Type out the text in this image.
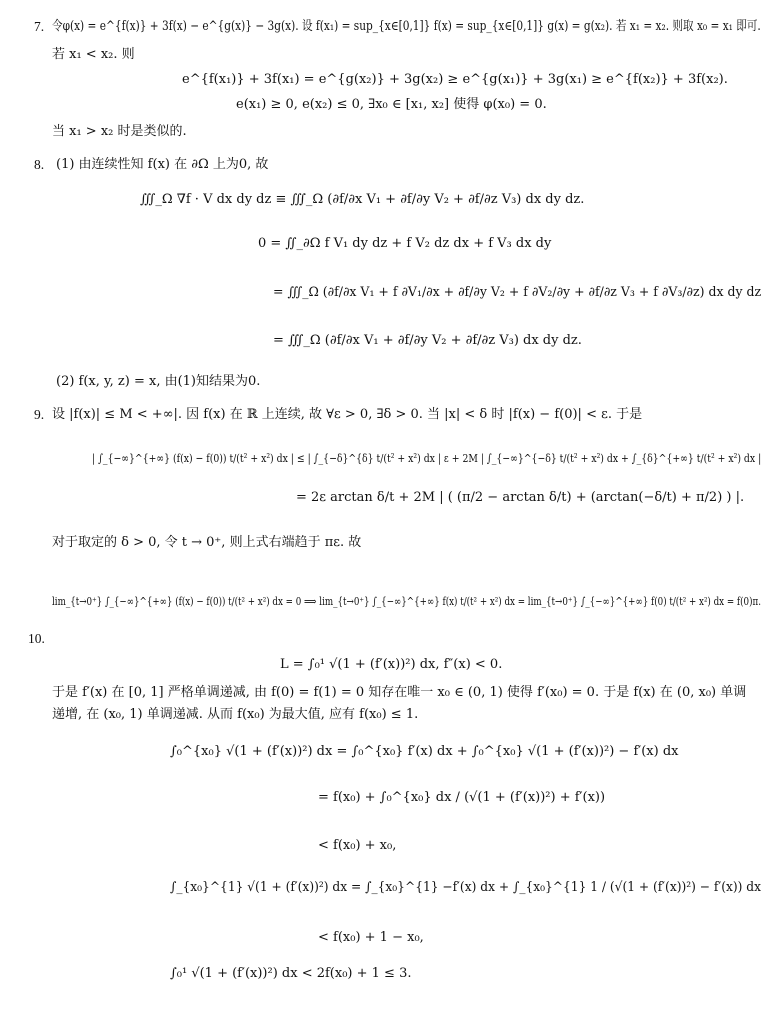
7. 令φ(x) = e^{f(x)} + 3f(x) − e^{g(x)} − 3g(x). 设 f(x₁) = sup_{x∈[0,1]} f(x) = sup_{x∈[0,1]} g(x) = g(x₂). 若 x₁ = x₂. 则取 x₀ = x₁ 即可.
若 x₁ < x₂. 则
e^{f(x₁)} + 3f(x₁) = e^{g(x₂)} + 3g(x₂) ≥ e^{g(x₁)} + 3g(x₁) ≥ e^{f(x₂)} + 3f(x₂).
e(x₁) ≥ 0, e(x₂) ≤ 0, ∃x₀ ∈ [x₁, x₂] 使得 φ(x₀) = 0.
当 x₁ > x₂ 时是类似的.
8. (1) 由连续性知 f(x) 在 ∂Ω 上为0, 故
∭_Ω ∇f · V dx dy dz ≡ ∭_Ω (∂f/∂x V₁ + ∂f/∂y V₂ + ∂f/∂z V₃) dx dy dz.
0 = ∬_∂Ω f V₁ dy dz + f V₂ dz dx + f V₃ dx dy
= ∭_Ω (∂f/∂x V₁ + f ∂V₁/∂x + ∂f/∂y V₂ + f ∂V₂/∂y + ∂f/∂z V₃ + f ∂V₃/∂z) dx dy dz
= ∭_Ω (∂f/∂x V₁ + ∂f/∂y V₂ + ∂f/∂z V₃) dx dy dz.
(2) f(x, y, z) = x, 由(1)知结果为0.
9. 设 |f(x)| ≤ M < +∞|. 因 f(x) 在 ℝ 上连续, 故 ∀ε > 0, ∃δ > 0. 当 |x| < δ 时 |f(x) − f(0)| < ε. 于是
| ∫_{−∞}^{+∞} (f(x) − f(0)) t/(t² + x²) dx | ≤ | ∫_{−δ}^{δ} t/(t² + x²) dx | ε + 2M | ∫_{−∞}^{−δ} t/(t² + x²) dx + ∫_{δ}^{+∞} t/(t² + x²) dx |
= 2ε arctan δ/t + 2M | ( (π/2 − arctan δ/t) + (arctan(−δ/t) + π/2) ) |.
对于取定的 δ > 0, 令 t → 0⁺, 则上式右端趋于 πε. 故
lim_{t→0⁺} ∫_{−∞}^{+∞} (f(x) − f(0)) t/(t² + x²) dx = 0 ⟹ lim_{t→0⁺} ∫_{−∞}^{+∞} f(x) t/(t² + x²) dx = lim_{t→0⁺} ∫_{−∞}^{+∞} f(0) t/(t² + x²) dx = f(0)π.
10.
L = ∫₀¹ √(1 + (f′(x))²) dx, f″(x) < 0.
于是 f′(x) 在 [0, 1] 严格单调递减, 由 f(0) = f(1) = 0 知存在唯一 x₀ ∈ (0, 1) 使得 f′(x₀) = 0. 于是 f(x) 在 (0, x₀) 单调
递增, 在 (x₀, 1) 单调递减. 从而 f(x₀) 为最大值, 应有 f(x₀) ≤ 1.
∫₀^{x₀} √(1 + (f′(x))²) dx = ∫₀^{x₀} f′(x) dx + ∫₀^{x₀} √(1 + (f′(x))²) − f′(x) dx
= f(x₀) + ∫₀^{x₀} dx / (√(1 + (f′(x))²) + f′(x))
< f(x₀) + x₀,
∫_{x₀}^{1} √(1 + (f′(x))²) dx = ∫_{x₀}^{1} −f′(x) dx + ∫_{x₀}^{1} 1 / (√(1 + (f′(x))²) − f′(x)) dx
< f(x₀) + 1 − x₀,
∫₀¹ √(1 + (f′(x))²) dx < 2f(x₀) + 1 ≤ 3.
